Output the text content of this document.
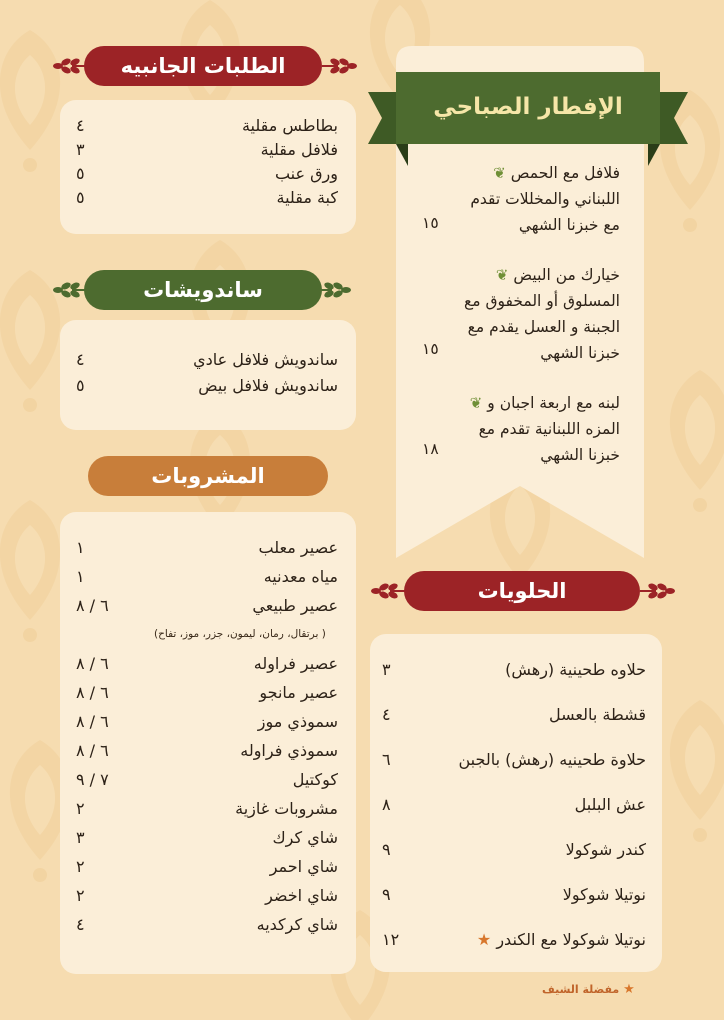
الطلبات الجانبيه
بطاطس مقلية
٤
فلافل مقلية
٣
ورق عنب
٥
كبة مقلية
٥
ساندويشات
ساندويش فلافل عادي
٤
ساندويش فلافل بيض
٥
المشروبات
عصير معلب
١
مياه معدنيه
١
عصير طبيعي
٦ / ٨
( برتقال، رمان، ليمون، جزر، موز، تفاح)
عصير فراوله
٦ / ٨
عصير مانجو
٦ / ٨
سموذي موز
٦ / ٨
سموذي فراوله
٦ / ٨
كوكتيل
٧ / ٩
مشروبات غازية
٢
شاي كرك
٣
شاي احمر
٢
شاي اخضر
٢
شاي كركديه
٤
الإفطار الصباحي
فلافل مع الحمص ❦
اللبناني والمخللات تقدم
مع خبزنا الشهي
١٥
خيارك من البيض ❦
المسلوق أو المخفوق مع
الجبنة و العسل يقدم مع
خبزنا الشهي
١٥
لبنه مع اربعة اجبان و ❦
المزه اللبنانية تقدم مع
خبزنا الشهي
١٨
الحلويات
حلاوه طحينية (رهش)
٣
قشطة بالعسل
٤
حلاوة طحينيه (رهش) بالجبن
٦
عش البلبل
٨
كندر شوكولا
٩
نوتيلا شوكولا
٩
نوتيلا شوكولا مع الكندر ★
١٢
★ مفضلة الشيف
